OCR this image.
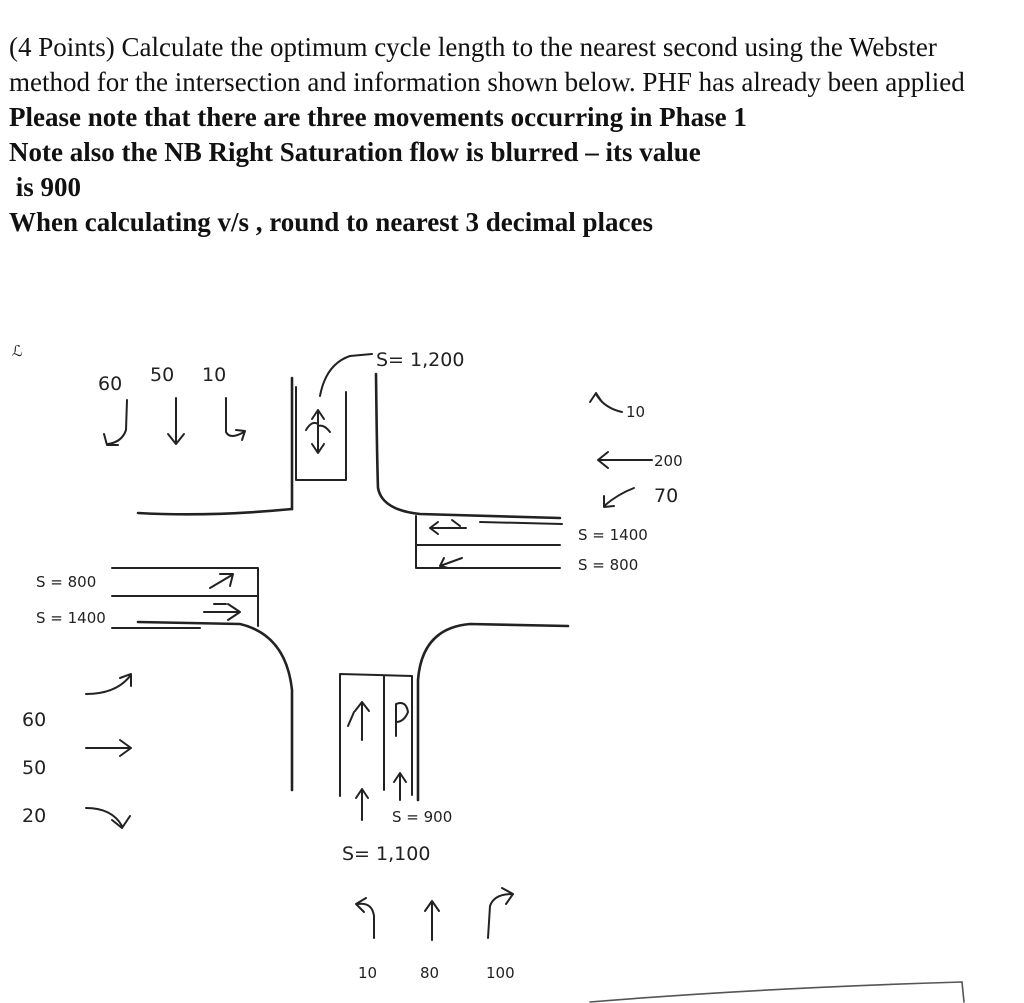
(4 Points) Calculate the optimum cycle length to the nearest second using the Webster method for the intersection and information shown below. PHF has already been applied

Please note that there are three movements occurring in Phase 1

Note also the NB Right Saturation flow is blurred – its value

is 900

When calculating v/s , round to nearest 3 decimal places

ℒ
60 50 10
S= 1,200
10
200
70
S = 1400
S = 800
S = 800
S = 1400
60
50
20	S = 900
S= 1,100
10	80	100
